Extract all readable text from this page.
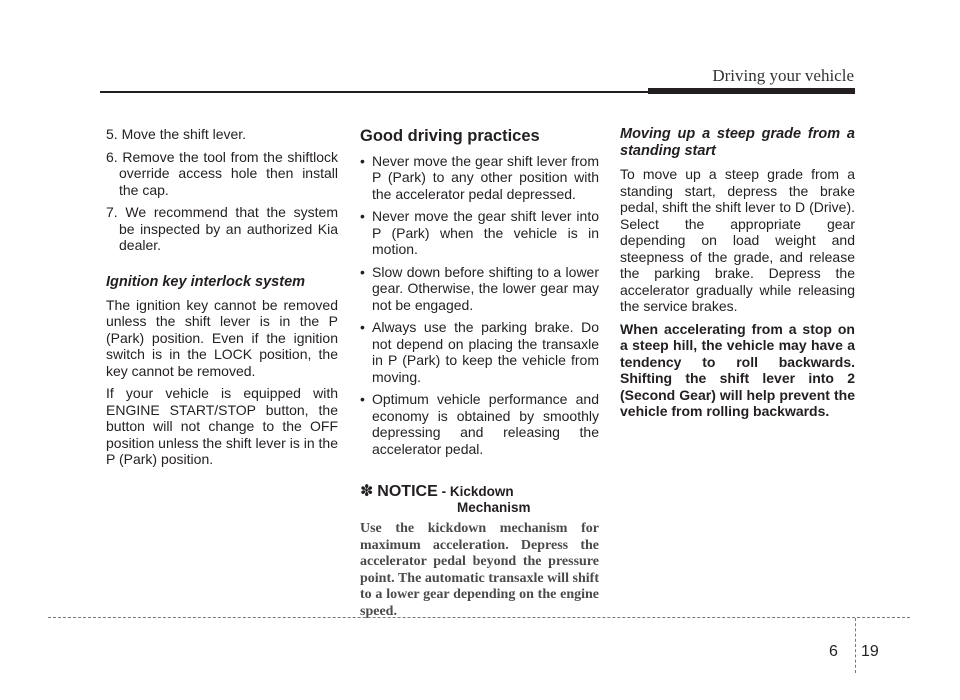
Driving your vehicle

5. Move the shift lever.

6. Remove the tool from the shiftlock override access hole then install the cap.

7. We recommend that the system be inspected by an authorized Kia dealer.

Ignition key interlock system

The ignition key cannot be removed unless the shift lever is in the P (Park) position. Even if the ignition switch is in the LOCK position, the key cannot be removed.

If your vehicle is equipped with ENGINE START/STOP button, the button will not change to the OFF position unless the shift lever is in the P (Park) position.

Good driving practices
• Never move the gear shift lever from P (Park) to any other position with the accelerator pedal depressed.
• Never move the gear shift lever into P (Park) when the vehicle is in motion.
• Slow down before shifting to a lower gear. Otherwise, the lower gear may not be engaged.
• Always use the parking brake. Do not depend on placing the transaxle in P (Park) to keep the vehicle from moving.
• Optimum vehicle performance and economy is obtained by smoothly depressing and releasing the accelerator pedal.
✽ NOTICE - Kickdown
Mechanism
Use the kickdown mechanism for maximum acceleration. Depress the accelerator pedal beyond the pressure point. The automatic transaxle will shift to a lower gear depending on the engine speed.
Moving up a steep grade from a standing start

To move up a steep grade from a standing start, depress the brake pedal, shift the shift lever to D (Drive). Select the appropriate gear depending on load weight and steepness of the grade, and release the parking brake. Depress the accelerator gradually while releasing the service brakes.

When accelerating from a stop on a steep hill, the vehicle may have a tendency to roll backwards. Shifting the shift lever into 2 (Second Gear) will help prevent the vehicle from rolling backwards.

6 19
